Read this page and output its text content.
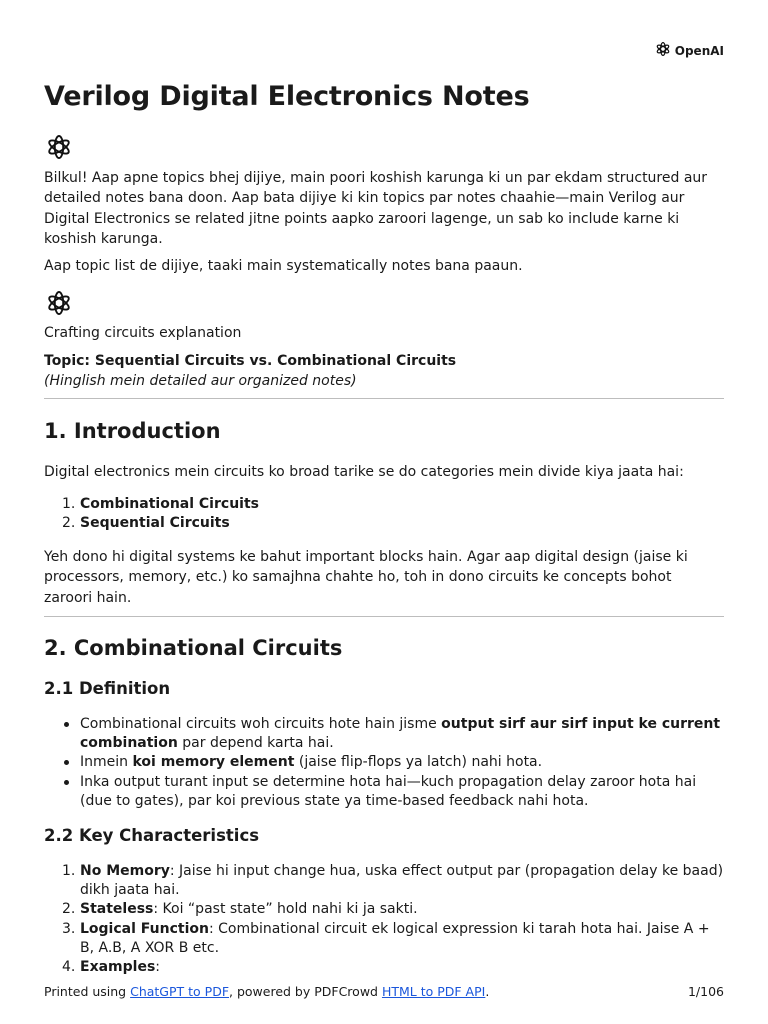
OpenAI
Verilog Digital Electronics Notes

Bilkul! Aap apne topics bhej dijiye, main poori koshish karunga ki un par ekdam structured aur detailed notes bana doon. Aap bata dijiye ki kin topics par notes chaahie—main Verilog aur Digital Electronics se related jitne points aapko zaroori lagenge, un sab ko include karne ki koshish karunga.

Aap topic list de dijiye, taaki main systematically notes bana paaun.

Crafting circuits explanation

Topic: Sequential Circuits vs. Combinational Circuits

(Hinglish mein detailed aur organized notes)

1. Introduction

Digital electronics mein circuits ko broad tarike se do categories mein divide kiya jaata hai:

1. Combinational Circuits
2. Sequential Circuits

Yeh dono hi digital systems ke bahut important blocks hain. Agar aap digital design (jaise ki processors, memory, etc.) ko samajhna chahte ho, toh in dono circuits ke concepts bohot zaroori hain.

2. Combinational Circuits
2.1 Definition
Combinational circuits woh circuits hote hain jisme output sirf aur sirf input ke current combination par depend karta hai.
Inmein koi memory element (jaise flip-flops ya latch) nahi hota.
Inka output turant input se determine hota hai—kuch propagation delay zaroor hota hai (due to gates), par koi previous state ya time-based feedback nahi hota.
2.2 Key Characteristics
1. No Memory: Jaise hi input change hua, uska effect output par (propagation delay ke baad) dikh jaata hai.
2. Stateless: Koi “past state” hold nahi ki ja sakti.
3. Logical Function: Combinational circuit ek logical expression ki tarah hota hai. Jaise A + B, A.B, A XOR B etc.
4. Examples:
Printed using ChatGPT to PDF, powered by PDFCrowd HTML to PDF API.	1/106
